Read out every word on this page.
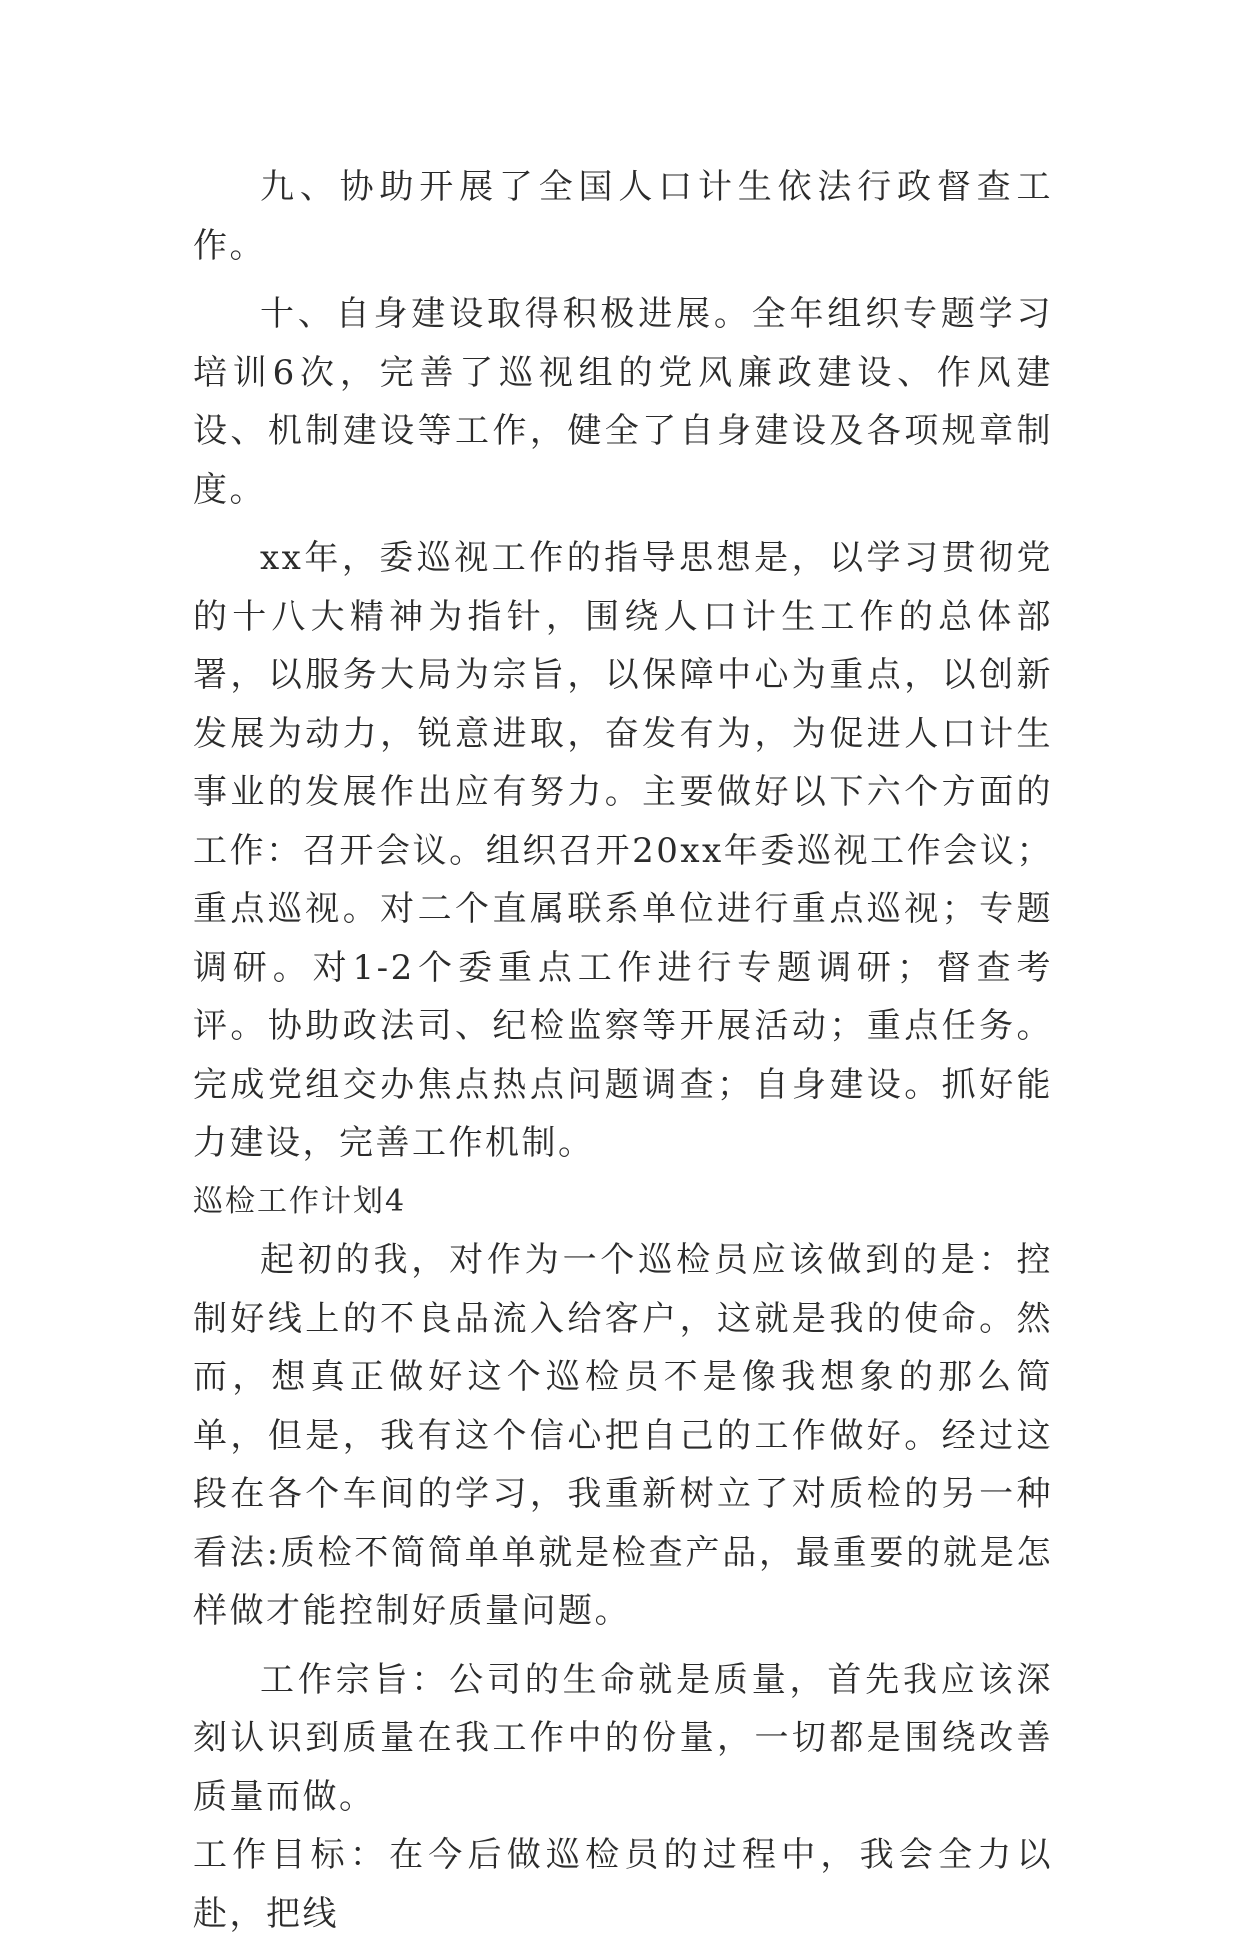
九、协助开展了全国人口计生依法行政督查工作。

十、自身建设取得积极进展。全年组织专题学习培训6次，完善了巡视组的党风廉政建设、作风建设、机制建设等工作，健全了自身建设及各项规章制度。

xx年，委巡视工作的指导思想是，以学习贯彻党的十八大精神为指针，围绕人口计生工作的总体部署，以服务大局为宗旨，以保障中心为重点，以创新发展为动力，锐意进取，奋发有为，为促进人口计生事业的发展作出应有努力。主要做好以下六个方面的工作：召开会议。组织召开20xx年委巡视工作会议；重点巡视。对二个直属联系单位进行重点巡视；专题调研。对1-2个委重点工作进行专题调研；督查考评。协助政法司、纪检监察等开展活动；重点任务。完成党组交办焦点热点问题调查；自身建设。抓好能力建设，完善工作机制。

巡检工作计划4

起初的我，对作为一个巡检员应该做到的是：控制好线上的不良品流入给客户，这就是我的使命。然而，想真正做好这个巡检员不是像我想象的那么简单，但是，我有这个信心把自己的工作做好。经过这段在各个车间的学习，我重新树立了对质检的另一种看法:质检不简简单单就是检查产品，最重要的就是怎样做才能控制好质量问题。

工作宗旨：公司的生命就是质量，首先我应该深刻认识到质量在我工作中的份量，一切都是围绕改善质量而做。

工作目标：在今后做巡检员的过程中，我会全力以赴，把线
